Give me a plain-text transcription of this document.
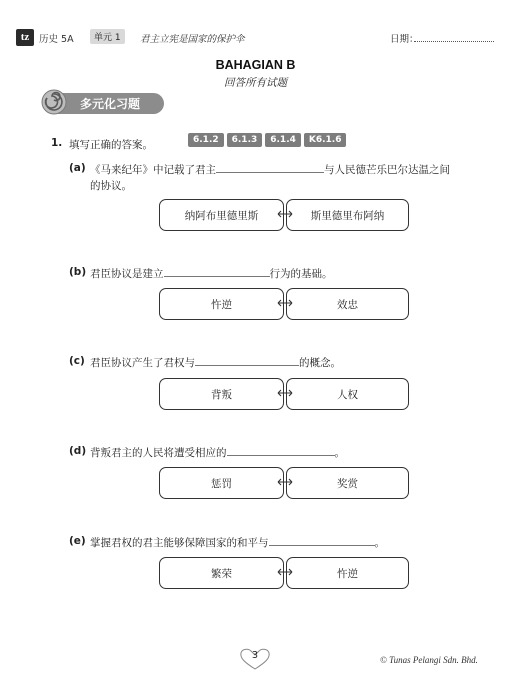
tz	历史 5A	单元 1	君主立宪是国家的保护伞	日期：
BAHAGIAN B
回答所有试题
多元化习题
1. 填写正确的答案。	6.1.2	6.1.3	6.1.4	K6.1.6
(a) 《马来纪年》中记载了君主	与人民德芒乐巴尔达温之间
的协议。
纳阿布里德里斯	斯里德里布阿纳
(b) 君臣协议是建立	行为的基础。
忤逆	效忠
(c) 君臣协议产生了君权与	的概念。
背叛	人权
(d) 背叛君主的人民将遭受相应的	。
惩罚	奖赏
(e) 掌握君权的君主能够保障国家的和平与	。
繁荣	忤逆
3	© Tunas Pelangi Sdn. Bhd.
